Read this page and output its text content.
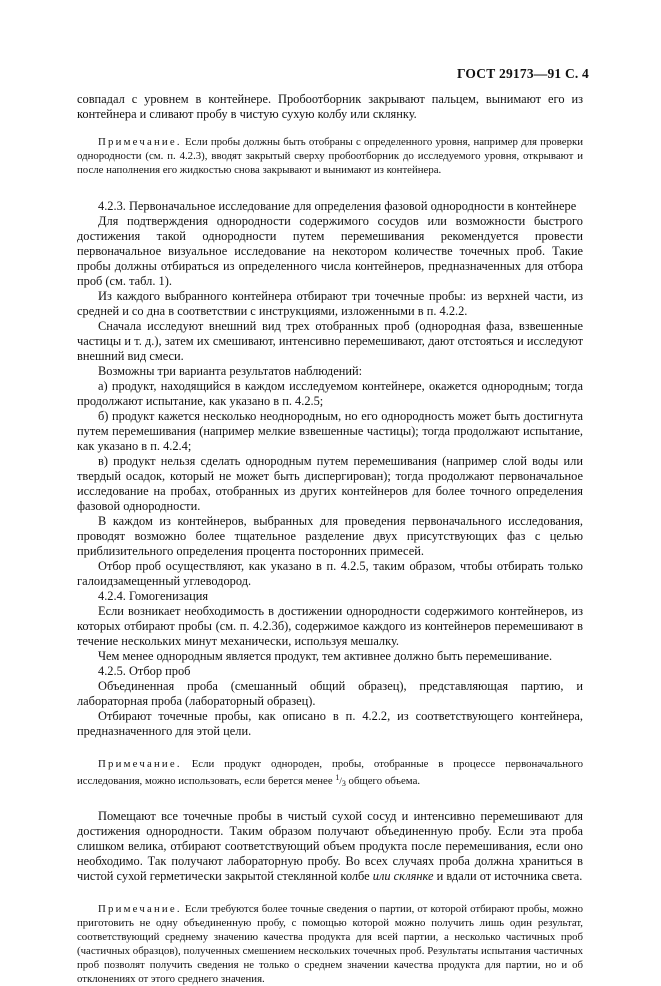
ГОСТ 29173—91 С. 4

совпадал с уровнем в контейнере. Пробоотборник закрывают пальцем, вынимают его из контейнера и сливают пробу в чистую сухую колбу или склянку.

Примечание. Если пробы должны быть отобраны с определенного уровня, например для проверки однородности (см. п. 4.2.3), вводят закрытый сверху пробоотборник до исследуемого уровня, открывают и после наполнения его жидкостью снова закрывают и вынимают из контейнера.

4.2.3. Первоначальное исследование для определения фазовой однородности в контейнере

Для подтверждения однородности содержимого сосудов или возможности быстрого достижения такой однородности путем перемешивания рекомендуется провести первоначальное визуальное исследование на некотором количестве точечных проб. Такие пробы должны отбираться из определенного числа контейнеров, предназначенных для отбора проб (см. табл. 1).

Из каждого выбранного контейнера отбирают три точечные пробы: из верхней части, из средней и со дна в соответствии с инструкциями, изложенными в п. 4.2.2.

Сначала исследуют внешний вид трех отобранных проб (однородная фаза, взвешенные частицы и т. д.), затем их смешивают, интенсивно перемешивают, дают отстояться и исследуют внешний вид смеси.

Возможны три варианта результатов наблюдений:

а) продукт, находящийся в каждом исследуемом контейнере, окажется однородным; тогда продолжают испытание, как указано в п. 4.2.5;

б) продукт кажется несколько неоднородным, но его однородность может быть достигнута путем перемешивания (например мелкие взвешенные частицы); тогда продолжают испытание, как указано в п. 4.2.4;

в) продукт нельзя сделать однородным путем перемешивания (например слой воды или твердый осадок, который не может быть диспергирован); тогда продолжают первоначальное исследование на пробах, отобранных из других контейнеров для более точного определения фазовой однородности.

В каждом из контейнеров, выбранных для проведения первоначального исследования, проводят возможно более тщательное разделение двух присутствующих фаз с целью приблизительного определения процента посторонних примесей.

Отбор проб осуществляют, как указано в п. 4.2.5, таким образом, чтобы отбирать только галоидзамещенный углеводород.

4.2.4. Гомогенизация

Если возникает необходимость в достижении однородности содержимого контейнеров, из которых отбирают пробы (см. п. 4.2.3б), содержимое каждого из контейнеров перемешивают в течение нескольких минут механически, используя мешалку.

Чем менее однородным является продукт, тем активнее должно быть перемешивание.

4.2.5. Отбор проб

Объединенная проба (смешанный общий образец), представляющая партию, и лабораторная проба (лабораторный образец).

Отбирают точечные пробы, как описано в п. 4.2.2, из соответствующего контейнера, предназначенного для этой цели.

Примечание. Если продукт однороден, пробы, отобранные в процессе первоначального исследования, можно использовать, если берется менее 1/3 общего объема.

Помещают все точечные пробы в чистый сухой сосуд и интенсивно перемешивают для достижения однородности. Таким образом получают объединенную пробу. Если эта проба слишком велика, отбирают соответствующий объем продукта после перемешивания, если оно необходимо. Так получают лабораторную пробу. Во всех случаях проба должна храниться в чистой сухой герметически закрытой стеклянной колбе или склянке и вдали от источника света.

Примечание. Если требуются более точные сведения о партии, от которой отбирают пробы, можно приготовить не одну объединенную пробу, с помощью которой можно получить лишь один результат, соответствующий среднему значению качества продукта для всей партии, а несколько частичных проб (частичных образцов), полученных смешением нескольких точечных проб. Результаты испытания частичных проб позволят получить сведения не только о среднем значении качества продукта для партии, но и об отклонениях от этого среднего значения.
